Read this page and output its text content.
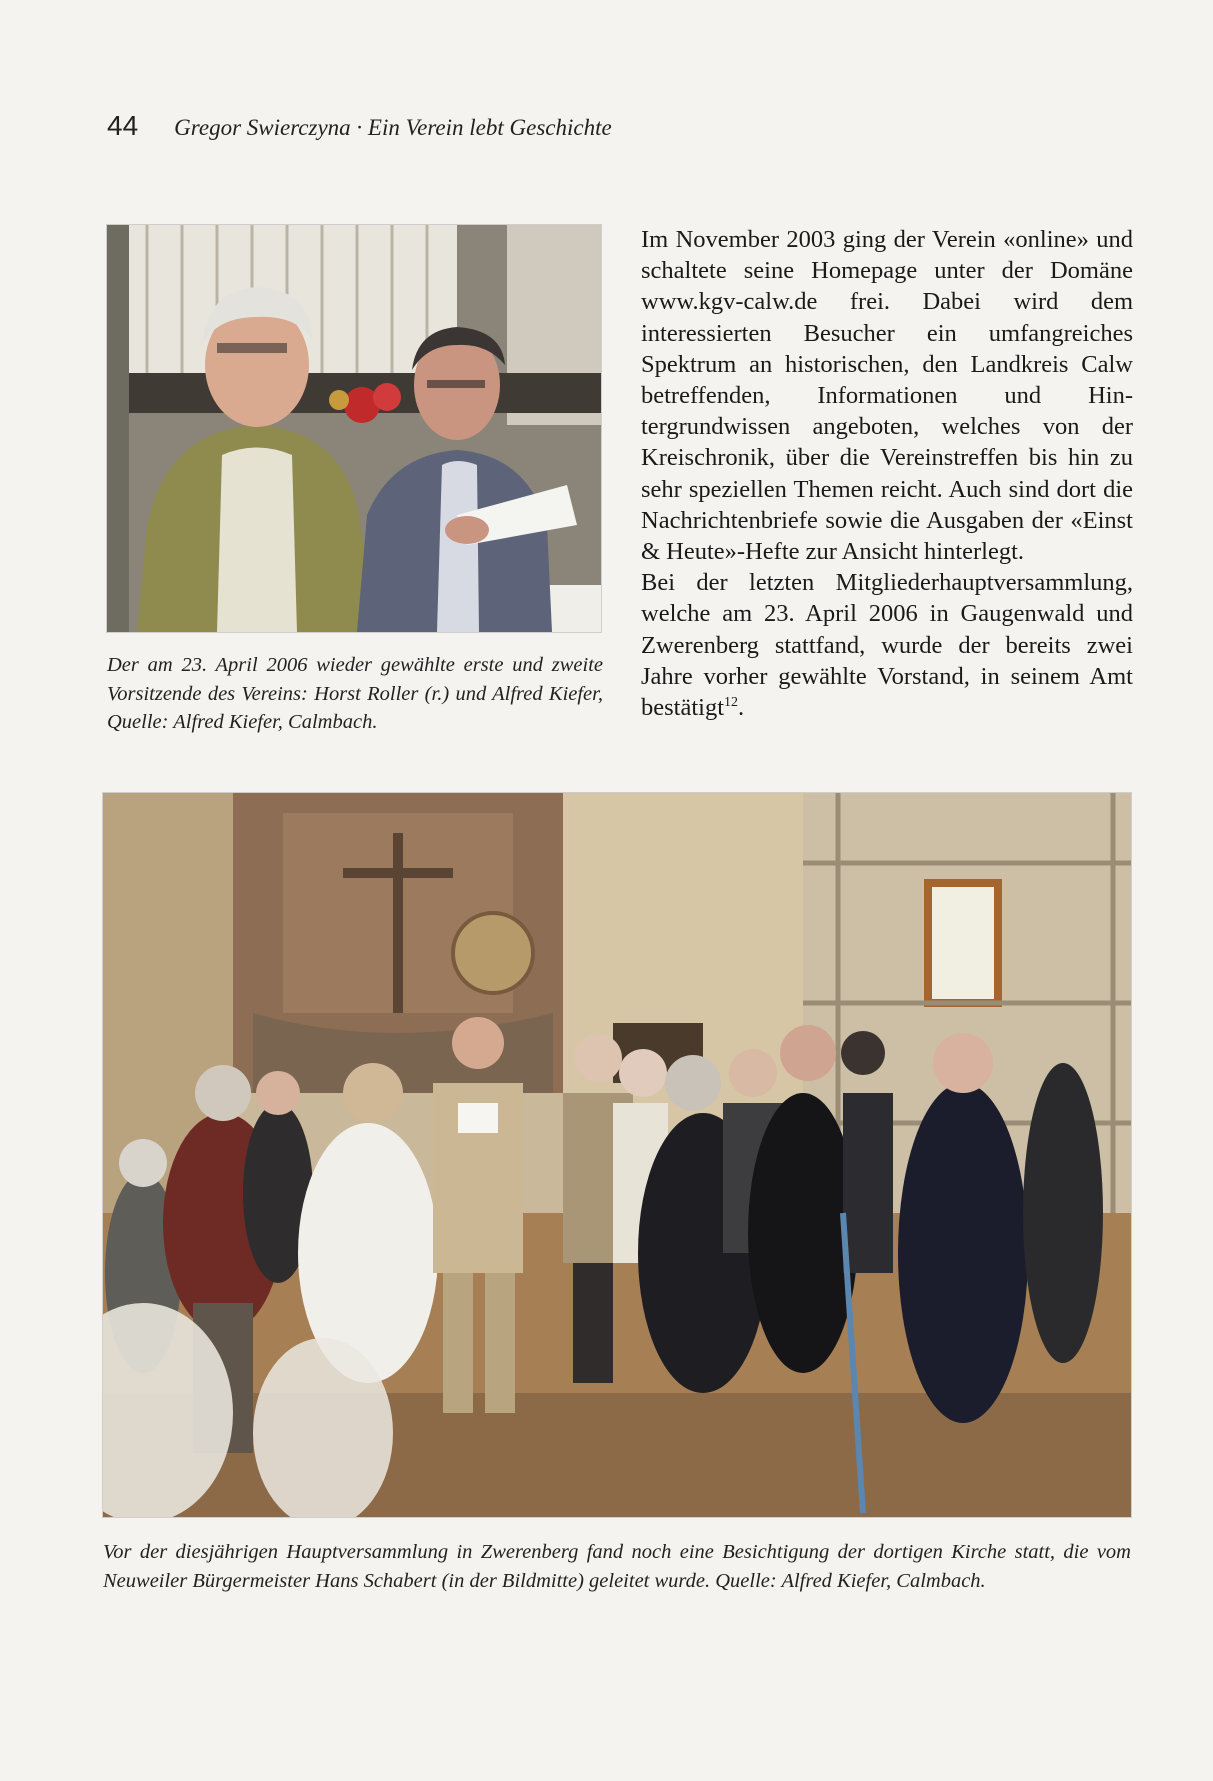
44 Gregor Swierczyna · Ein Verein lebt Geschichte
Der am 23. April 2006 wieder gewählte erste und zweite Vorsitzende des Vereins: Horst Roller (r.) und Alfred Kiefer, Quelle: Alfred Kiefer, Calmbach.

Im November 2003 ging der Verein «online» und schaltete seine Homepage unter der Domäne www.kgv-calw.de frei. Dabei wird dem interessierten Besucher ein umfangreiches Spektrum an historischen, den Landkreis Calw betreffenden, Informationen und Hintergrundwissen angeboten, welches von der Kreischronik, über die Vereinstreffen bis hin zu sehr speziellen Themen reicht. Auch sind dort die Nachrichtenbriefe sowie die Ausgaben der «Einst & Heute»-Hefte zur Ansicht hinterlegt.

Bei der letzten Mitgliederhauptversammlung, welche am 23. April 2006 in Gaugenwald und Zwerenberg stattfand, wurde der bereits zwei Jahre vorher gewählte Vorstand, in seinem Amt bestätigt$^{12}$.

Vor der diesjährigen Hauptversammlung in Zwerenberg fand noch eine Besichtigung der dortigen Kirche statt, die vom Neuweiler Bürgermeister Hans Schabert (in der Bildmitte) geleitet wurde. Quelle: Alfred Kiefer, Calmbach.
